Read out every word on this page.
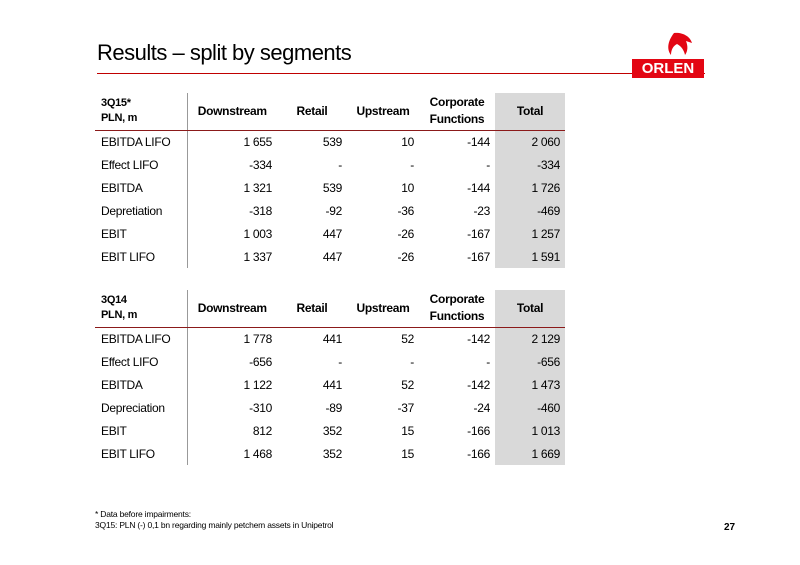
Results – split by segments
ORLEN
3Q15*
PLN, m	Downstream	Retail	Upstream	Corporate Functions	Total
EBITDA LIFO	1 655	539	10	-144	2 060
Effect LIFO	-334	-	-	-	-334
EBITDA	1 321	539	10	-144	1 726
Depretiation	-318	-92	-36	-23	-469
EBIT	1 003	447	-26	-167	1 257
EBIT LIFO	1 337	447	-26	-167	1 591
3Q14
PLN, m	Downstream	Retail	Upstream	Corporate Functions	Total
EBITDA LIFO	1 778	441	52	-142	2 129
Effect LIFO	-656	-	-	-	-656
EBITDA	1 122	441	52	-142	1 473
Depreciation	-310	-89	-37	-24	-460
EBIT	812	352	15	-166	1 013
EBIT LIFO	1 468	352	15	-166	1 669
* Data before impairments:
3Q15: PLN (-) 0,1 bn regarding mainly petchem assets in Unipetrol	27
